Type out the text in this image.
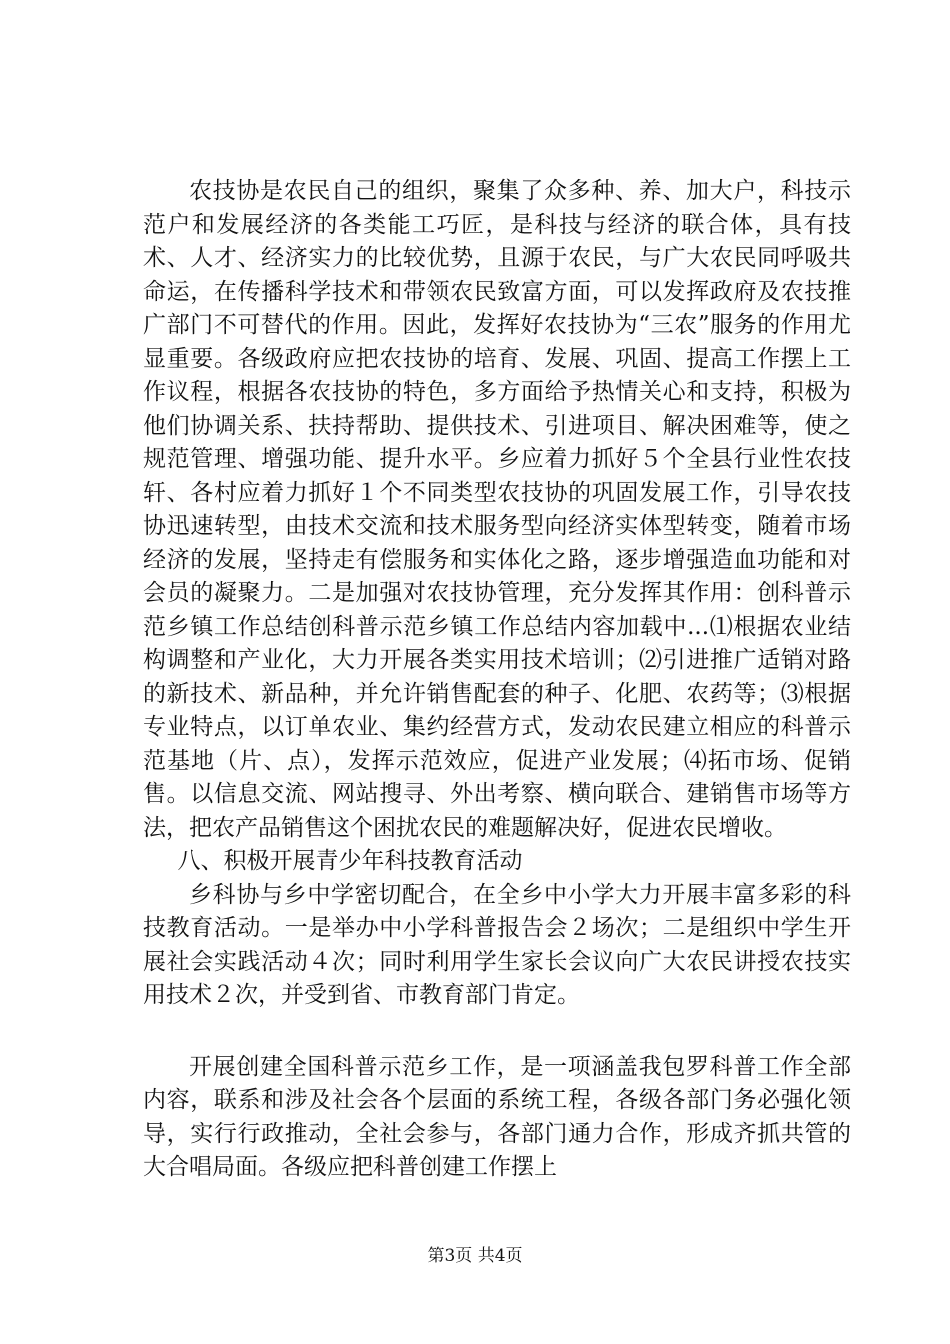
农技协是农民自己的组织，聚集了众多种、养、加大户，科技示范户和发展经济的各类能工巧匠，是科技与经济的联合体，具有技术、人才、经济实力的比较优势，且源于农民，与广大农民同呼吸共命运，在传播科学技术和带领农民致富方面，可以发挥政府及农技推广部门不可替代的作用。因此，发挥好农技协为“三农”服务的作用尤显重要。各级政府应把农技协的培育、发展、巩固、提高工作摆上工作议程，根据各农技协的特色，多方面给予热情关心和支持，积极为他们协调关系、扶持帮助、提供技术、引进项目、解决困难等，使之规范管理、增强功能、提升水平。乡应着力抓好５个全县行业性农技轩、各村应着力抓好１个不同类型农技协的巩固发展工作，引导农技协迅速转型，由技术交流和技术服务型向经济实体型转变，随着市场经济的发展，坚持走有偿服务和实体化之路，逐步增强造血功能和对会员的凝聚力。二是加强对农技协管理，充分发挥其作用：创科普示范乡镇工作总结创科普示范乡镇工作总结内容加载中...⑴根据农业结构调整和产业化，大力开展各类实用技术培训；⑵引进推广适销对路的新技术、新品种，并允许销售配套的种子、化肥、农药等；⑶根据专业特点，以订单农业、集约经营方式，发动农民建立相应的科普示范基地（片、点），发挥示范效应，促进产业发展；⑷拓市场、促销售。以信息交流、网站搜寻、外出考察、横向联合、建销售市场等方法，把农产品销售这个困扰农民的难题解决好，促进农民增收。

八、积极开展青少年科技教育活动

乡科协与乡中学密切配合，在全乡中小学大力开展丰富多彩的科技教育活动。一是举办中小学科普报告会２场次；二是组织中学生开展社会实践活动４次；同时利用学生家长会议向广大农民讲授农技实用技术２次，并受到省、市教育部门肯定。

开展创建全国科普示范乡工作，是一项涵盖我包罗科普工作全部内容，联系和涉及社会各个层面的系统工程，各级各部门务必强化领导，实行行政推动，全社会参与，各部门通力合作，形成齐抓共管的大合唱局面。各级应把科普创建工作摆上

第3页 共4页
